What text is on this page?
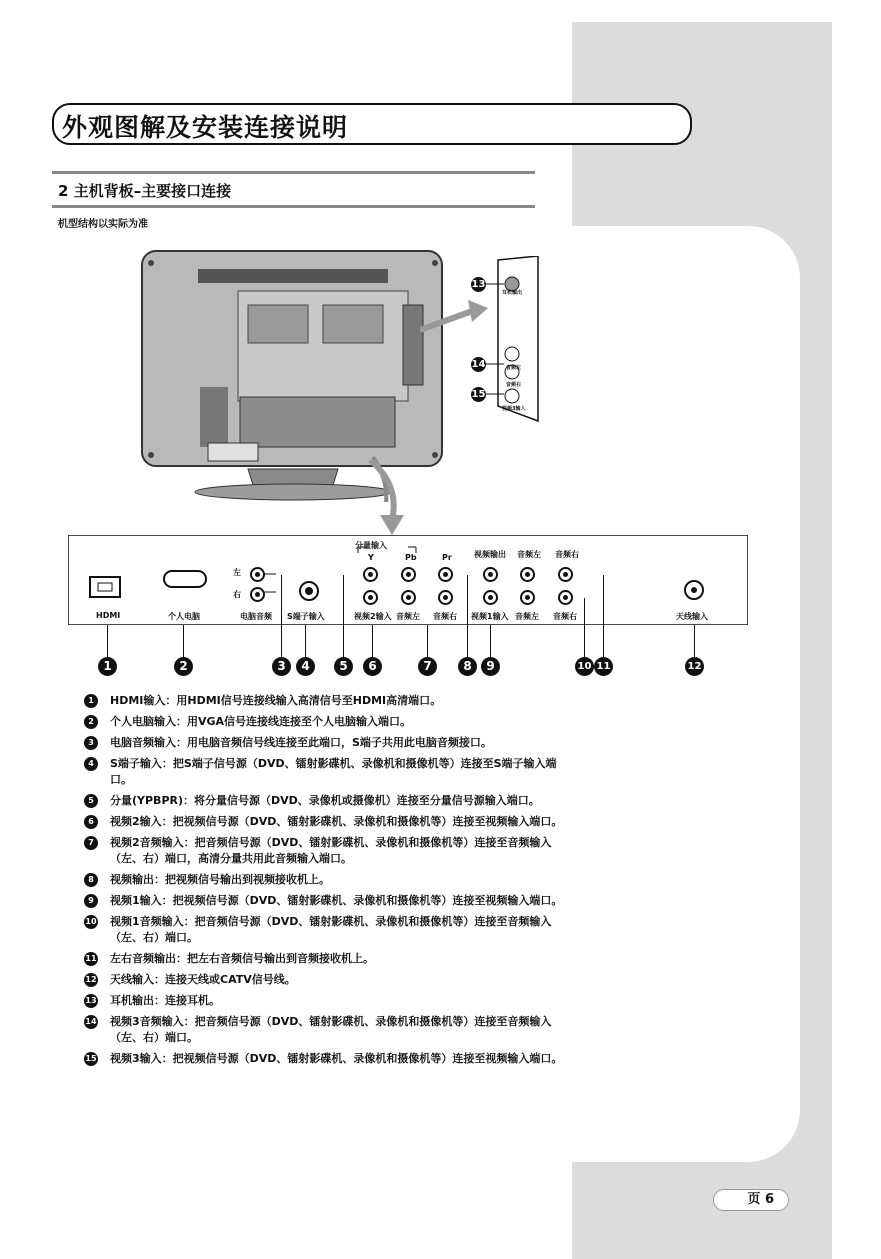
外观图解及安装连接说明
2 主机背板–主要接口连接
机型结构以实际为准
耳机输出
音频左
音频右
视频3输入
13
14
15
分量输入
Y	Pb	Pr	视频输出 音频左 音频右
左
右
HDMI	个人电脑	电脑音频 S端子输入	视频2输入 音频左 音频右 视频1输入 音频左 音频右	天线输入
1	2	3	4	5	6	7	8	9	10 11	12
1	HDMI输入：用HDMI信号连接线输入高清信号至HDMI高清端口。
2	个人电脑输入：用VGA信号连接线连接至个人电脑输入端口。
3	电脑音频输入：用电脑音频信号线连接至此端口，S端子共用此电脑音频接口。
4	S端子输入：把S端子信号源（DVD、镭射影碟机、录像机和摄像机等）连接至S端子输入端口。
5	分量(YPBPR)：将分量信号源（DVD、录像机或摄像机）连接至分量信号源输入端口。
6	视频2输入：把视频信号源（DVD、镭射影碟机、录像机和摄像机等）连接至视频输入端口。
7	视频2音频输入：把音频信号源（DVD、镭射影碟机、录像机和摄像机等）连接至音频输入（左、右）端口，高清分量共用此音频输入端口。
8	视频输出：把视频信号输出到视频接收机上。
9	视频1输入：把视频信号源（DVD、镭射影碟机、录像机和摄像机等）连接至视频输入端口。
10 视频1音频输入：把音频信号源（DVD、镭射影碟机、录像机和摄像机等）连接至音频输入（左、右）端口。
11 左右音频输出：把左右音频信号输出到音频接收机上。
12 天线输入：连接天线或CATV信号线。
13 耳机输出：连接耳机。
14 视频3音频输入：把音频信号源（DVD、镭射影碟机、录像机和摄像机等）连接至音频输入（左、右）端口。
15 视频3输入：把视频信号源（DVD、镭射影碟机、录像机和摄像机等）连接至视频输入端口。
页 6
